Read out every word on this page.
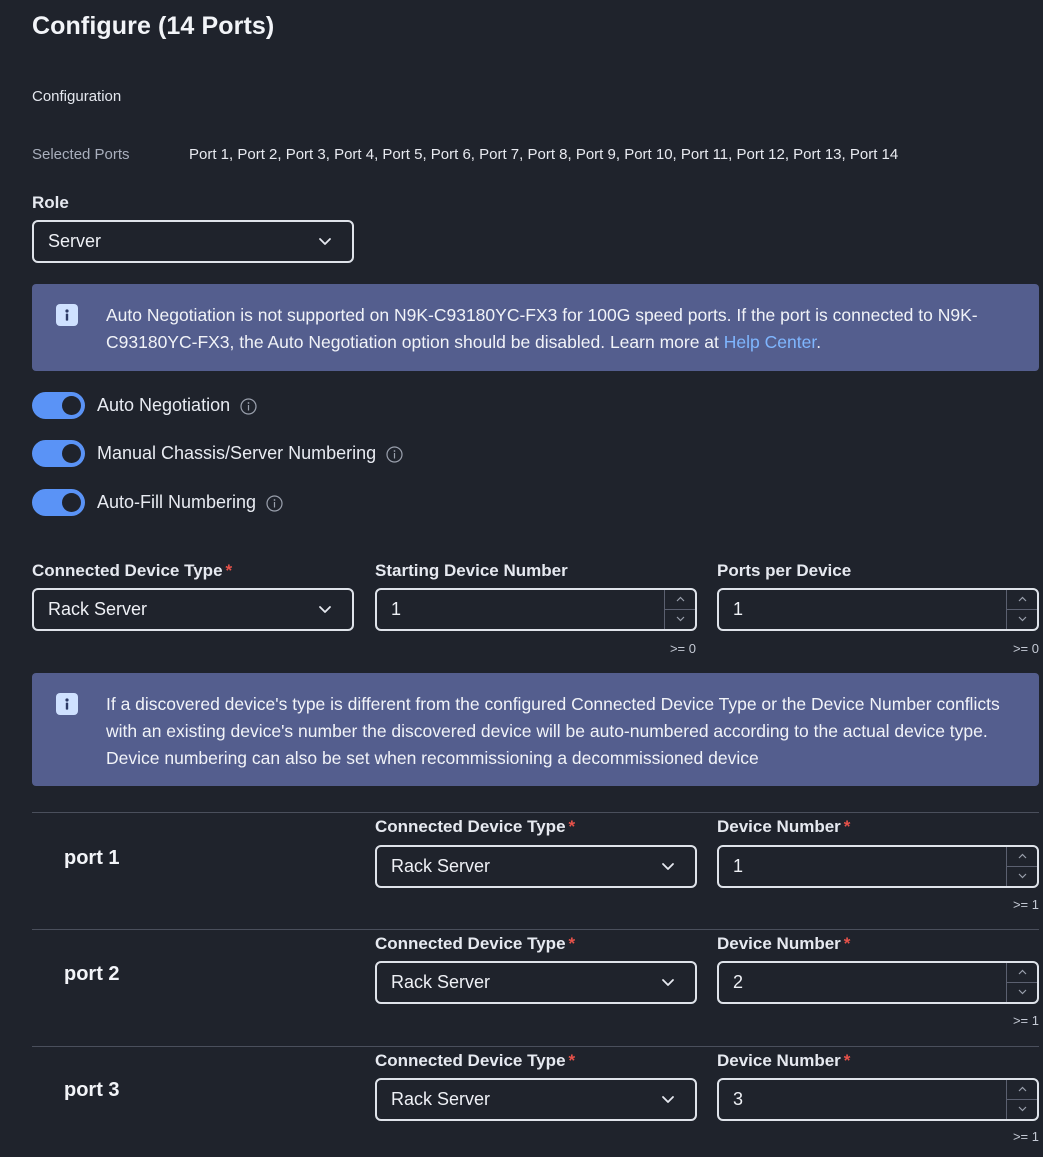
Configure (14 Ports)
Configuration
Selected Ports	Port 1, Port 2, Port 3, Port 4, Port 5, Port 6, Port 7, Port 8, Port 9, Port 10, Port 11, Port 12, Port 13, Port 14
Role
Server
Auto Negotiation is not supported on N9K-C93180YC-FX3 for 100G speed ports. If the port is connected to N9K-C93180YC-FX3, the Auto Negotiation option should be disabled. Learn more at Help Center.
Auto Negotiation
Manual Chassis/Server Numbering
Auto-Fill Numbering
Connected Device Type *
Rack Server
Starting Device Number
1
>= 0
Ports per Device
1
>= 0
If a discovered device's type is different from the configured Connected Device Type or the Device Number conflicts with an existing device's number the discovered device will be auto-numbered according to the actual device type. Device numbering can also be set when recommissioning a decommissioned device
port 1
Connected Device Type *
Rack Server
Device Number *
1
>= 1
port 2
Connected Device Type *
Rack Server
Device Number *
2
>= 1
port 3
Connected Device Type *
Rack Server
Device Number *
3
>= 1
